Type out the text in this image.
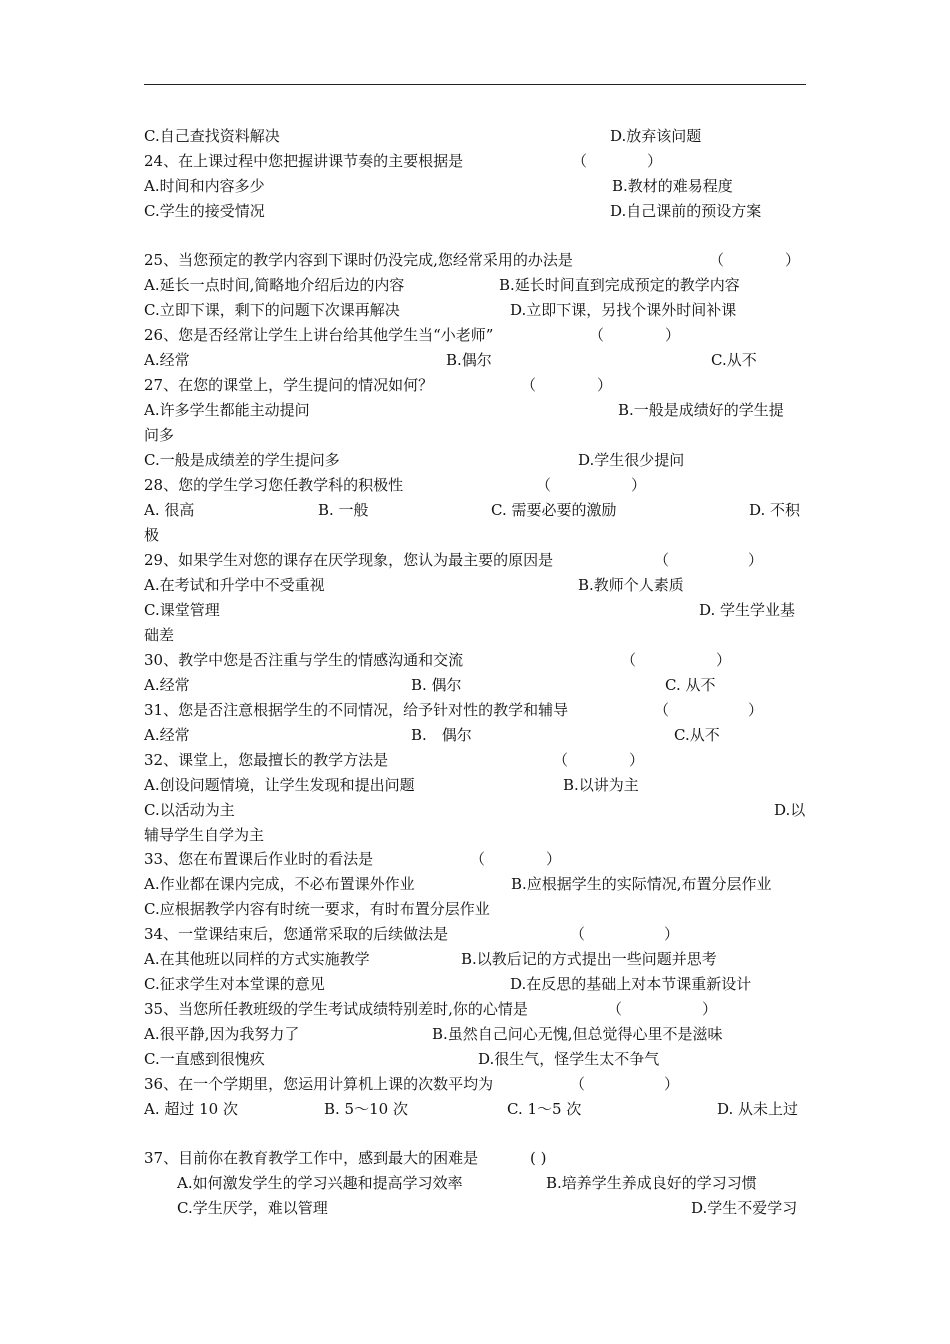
C.自己查找资料解决	D.放弃该问题
24、在上课过程中您把握讲课节奏的主要根据是	（	）
A.时间和内容多少	B.教材的难易程度
C.学生的接受情况	D.自己课前的预设方案
25、当您预定的教学内容到下课时仍没完成,您经常采用的办法是	（	）
A.延长一点时间,简略地介绍后边的内容	B.延长时间直到完成预定的教学内容
C.立即下课，剩下的问题下次课再解决	D.立即下课，另找个课外时间补课
26、您是否经常让学生上讲台给其他学生当“小老师”	（	）
A.经常	B.偶尔	C.从不
27、在您的课堂上，学生提问的情况如何？	（	）
A.许多学生都能主动提问	B.一般是成绩好的学生提
问多
C.一般是成绩差的学生提问多	D.学生很少提问
28、您的学生学习您任教学科的积极性	（	）
A. 很高	B. 一般	C. 需要必要的激励	D. 不积
极
29、如果学生对您的课存在厌学现象，您认为最主要的原因是	（	）
A.在考试和升学中不受重视	B.教师个人素质
C.课堂管理	D. 学生学业基
础差
30、教学中您是否注重与学生的情感沟通和交流	（	）
A.经常	B. 偶尔	C. 从不
31、您是否注意根据学生的不同情况，给予针对性的教学和辅导	（	）
A.经常	B.　偶尔	C.从不
32、课堂上，您最擅长的教学方法是	（	）
A.创设问题情境，让学生发现和提出问题	B.以讲为主
C.以活动为主	D.以
辅导学生自学为主
33、您在布置课后作业时的看法是	（	）
A.作业都在课内完成，不必布置课外作业	B.应根据学生的实际情况,布置分层作业
C.应根据教学内容有时统一要求，有时布置分层作业
34、一堂课结束后，您通常采取的后续做法是	（	）
A.在其他班以同样的方式实施教学	B.以教后记的方式提出一些问题并思考
C.征求学生对本堂课的意见	D.在反思的基础上对本节课重新设计
35、当您所任教班级的学生考试成绩特别差时,你的心情是	（	）
A.很平静,因为我努力了	B.虽然自己问心无愧,但总觉得心里不是滋味
C.一直感到很愧疚	D.很生气，怪学生太不争气
36、在一个学期里，您运用计算机上课的次数平均为	（	）
A. 超过 10 次	B. 5～10 次	C. 1～5 次	D. 从未上过
37、目前你在教育教学工作中，感到最大的困难是	( )
A.如何激发学生的学习兴趣和提高学习效率	B.培养学生养成良好的学习习惯
C.学生厌学，难以管理	D.学生不爱学习
